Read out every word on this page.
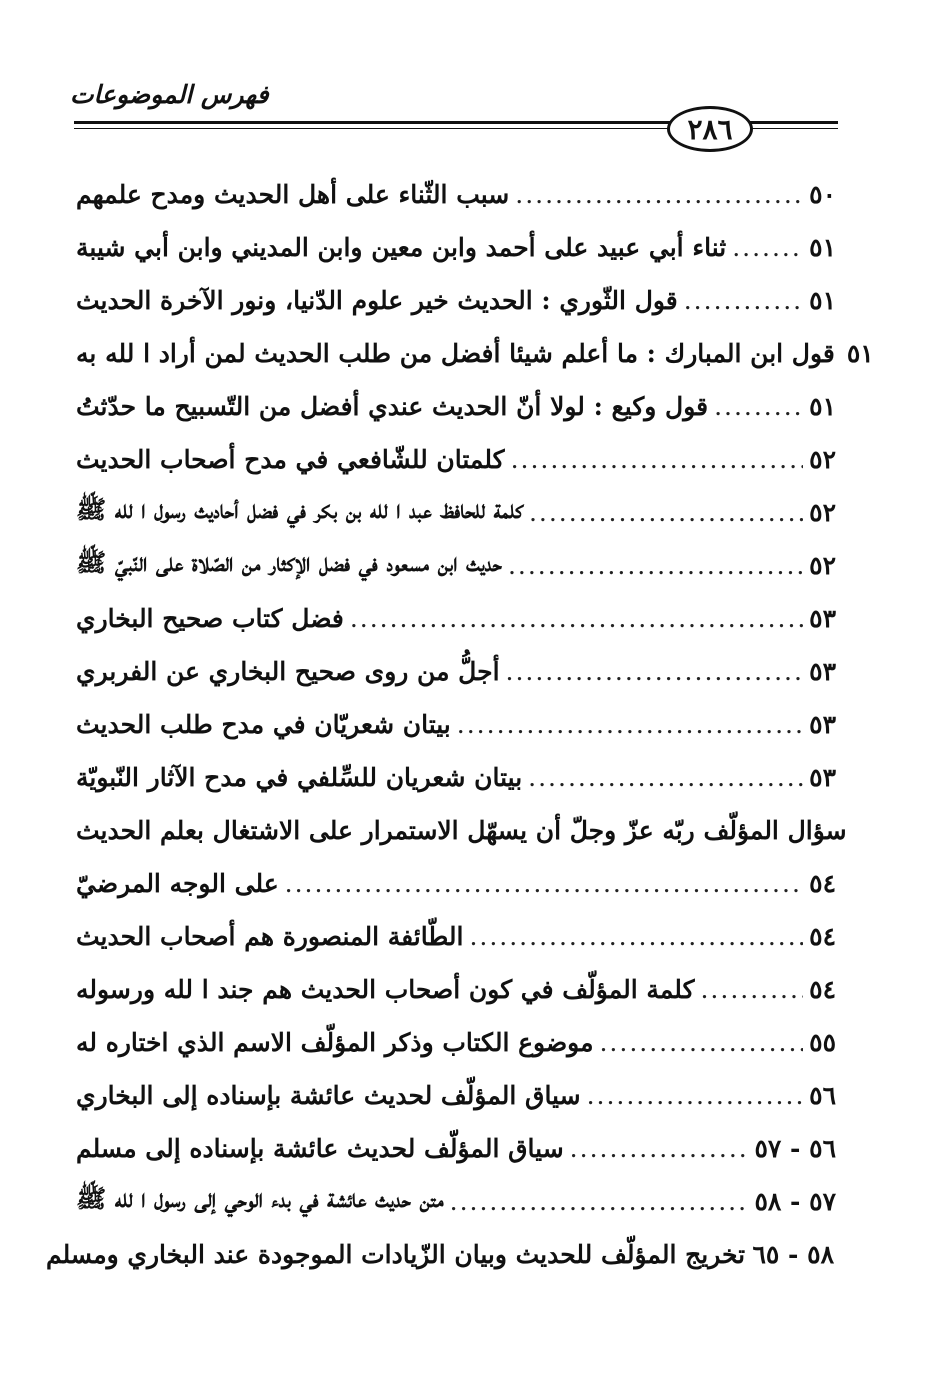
فهرس الموضوعات
٢٨٦
سبب الثّناء على أهل الحديث ومدح علمهم .....	٥٠
ثناء أبي عبيد على أحمد وابن معين وابن المديني وابن أبي شيبة .....	٥١
قول الثّوري : الحديث خير علوم الدّنيا، ونور الآخرة الحديث .....	٥١
قول ابن المبارك : ما أعلم شيئا أفضل من طلب الحديث لمن أراد ا لله به ٥١
قول وكيع : لولا أنّ الحديث عندي أفضل من التّسبيح ما حدّثتُ .....	٥١
كلمتان للشّافعي في مدح أصحاب الحديث .....	٥٢
كلمة للحافظ عبد ا لله بن بكر في فضل أحاديث رسول ا لله ﷺ .....	٥٢
حديث ابن مسعود في فضل الإكثار من الصّلاة على النّبيّ ﷺ .....	٥٢
فضل كتاب صحيح البخاري .....	٥٣
أجلُّ من روى صحيح البخاري عن الفربري .....	٥٣
بيتان شعريّان في مدح طلب الحديث .....	٥٣
بيتان شعريان للسِّلفي في مدح الآثار النّبويّة .....	٥٣
سؤال المؤلّف ربّه عزّ وجلّ أن يسهّل الاستمرار على الاشتغال بعلم الحديث
على الوجه المرضيّ .....	٥٤
الطّائفة المنصورة هم أصحاب الحديث .....	٥٤
كلمة المؤلّف في كون أصحاب الحديث هم جند ا لله ورسوله .....	٥٤
موضوع الكتاب وذكر المؤلّف الاسم الذي اختاره له .....	٥٥
سياق المؤلّف لحديث عائشة بإسناده إلى البخاري .....	٥٦
سياق المؤلّف لحديث عائشة بإسناده إلى مسلم .....	٥٦ - ٥٧
متن حديث عائشة في بدء الوحي إلى رسول ا لله ﷺ .....	٥٧ - ٥٨
تخريج المؤلّف للحديث وبيان الزّيادات الموجودة عند البخاري ومسلم ٥٨ - ٦٥
